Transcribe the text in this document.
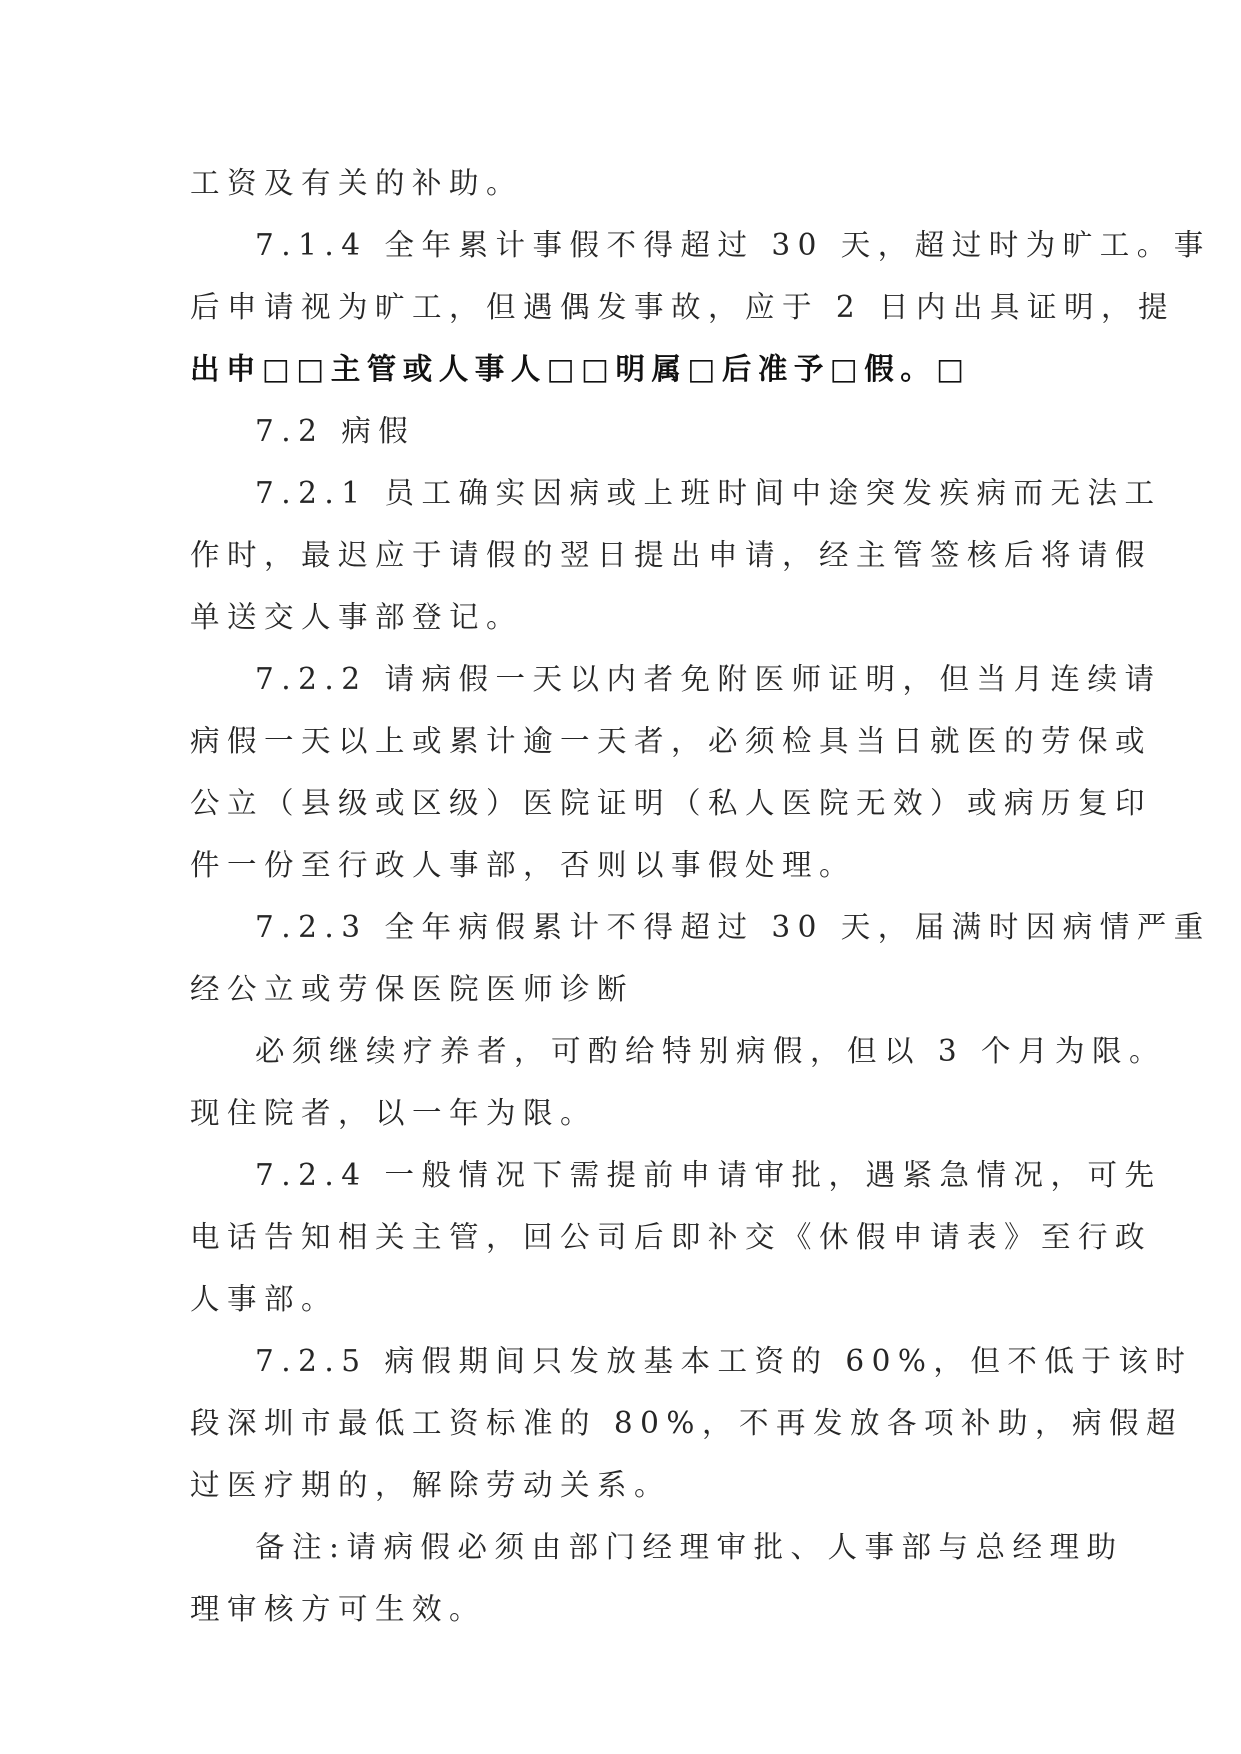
工资及有关的补助。

7.1.4 全年累计事假不得超过 30 天，超过时为旷工。事
后申请视为旷工，但遇偶发事故，应于 2 日内出具证明，提

出申□□主管或人事人□□明属□后准予□假。□

7.2 病假

7.2.1 员工确实因病或上班时间中途突发疾病而无法工
作时，最迟应于请假的翌日提出申请，经主管签核后将请假
单送交人事部登记。

7.2.2 请病假一天以内者免附医师证明，但当月连续请
病假一天以上或累计逾一天者，必须检具当日就医的劳保或
公立（县级或区级）医院证明（私人医院无效）或病历复印
件一份至行政人事部，否则以事假处理。

7.2.3 全年病假累计不得超过 30 天，届满时因病情严重
经公立或劳保医院医师诊断

必须继续疗养者，可酌给特别病假，但以 3 个月为限。
现住院者，以一年为限。

7.2.4 一般情况下需提前申请审批，遇紧急情况，可先
电话告知相关主管，回公司后即补交《休假申请表》至行政
人事部。

7.2.5 病假期间只发放基本工资的 60%，但不低于该时
段深圳市最低工资标准的 80%，不再发放各项补助，病假超
过医疗期的，解除劳动关系。

备注:请病假必须由部门经理审批、人事部与总经理助
理审核方可生效。
